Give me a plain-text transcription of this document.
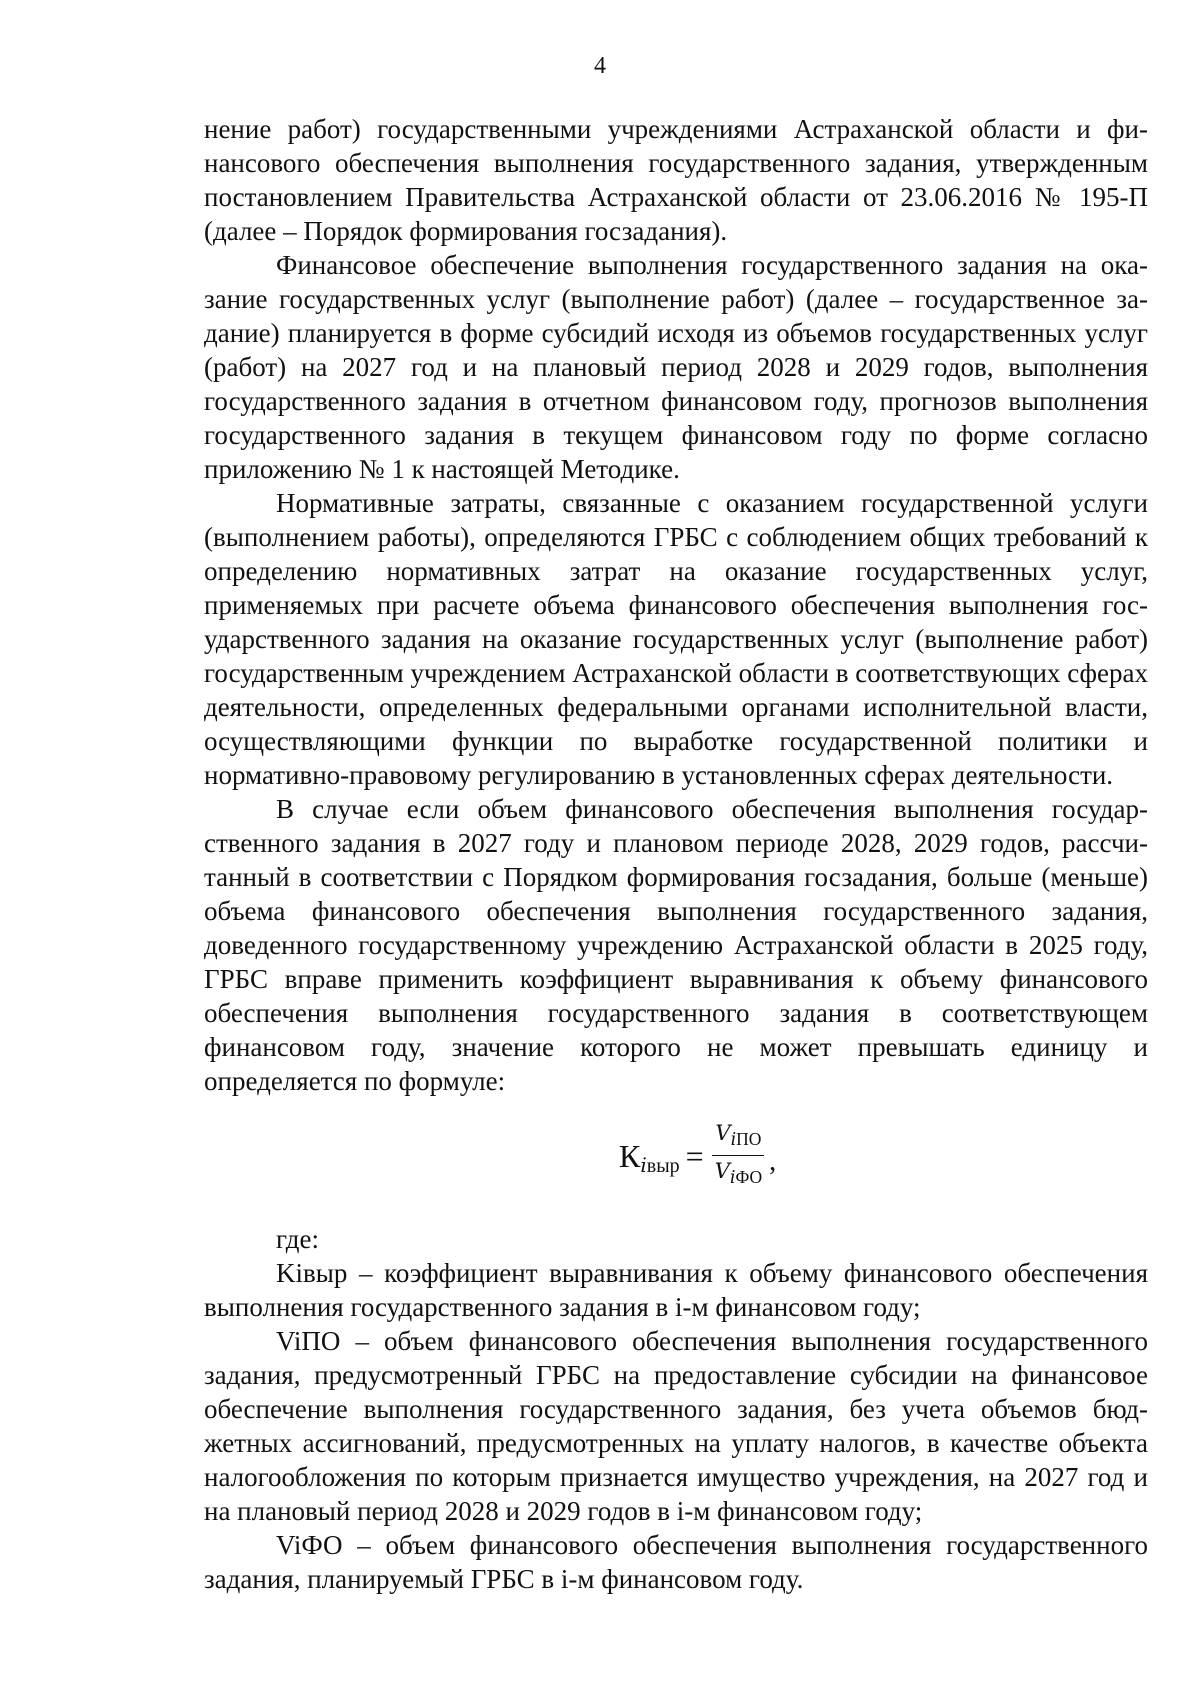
4

нение работ) государственными учреждениями Астраханской области и финансового обеспечения выполнения государственного задания, утвержденным постановлением Правительства Астраханской области от 23.06.2016 № 195-П (далее – Порядок формирования госзадания).

Финансовое обеспечение выполнения государственного задания на оказание государственных услуг (выполнение работ) (далее – государственное задание) планируется в форме субсидий исходя из объемов государственных услуг (работ) на 2027 год и на плановый период 2028 и 2029 годов, выполнения государственного задания в отчетном финансовом году, прогнозов выполнения государственного задания в текущем финансовом году по форме согласно приложению № 1 к настоящей Методике.

Нормативные затраты, связанные с оказанием государственной услуги (выполнением работы), определяются ГРБС с соблюдением общих требований к определению нормативных затрат на оказание государственных услуг, применяемых при расчете объема финансового обеспечения выполнения государственного задания на оказание государственных услуг (выполнение работ) государственным учреждением Астраханской области в соответствующих сферах деятельности, определенных федеральными органами исполнительной власти, осуществляющими функции по выработке государственной политики и нормативно-правовому регулированию в установленных сферах деятельности.

В случае если объем финансового обеспечения выполнения государственного задания в 2027 году и плановом периоде 2028, 2029 годов, рассчитанный в соответствии с Порядком формирования госзадания, больше (меньше) объема финансового обеспечения выполнения государственного задания, доведенного государственному учреждению Астраханской области в 2025 году, ГРБС вправе применить коэффициент выравнивания к объему финансового обеспечения выполнения государственного задания в соответствующем финансовом году, значение которого не может превышать единицу и определяется по формуле:

К iвыр = $\frac{V_{iПО}}{V_{iФО}}$ ,

где:

Kiвыр – коэффициент выравнивания к объему финансового обеспечения выполнения государственного задания в i-м финансовом году;

ViПО – объем финансового обеспечения выполнения государственного задания, предусмотренный ГРБС на предоставление субсидии на финансовое обеспечение выполнения государственного задания, без учета объемов бюджетных ассигнований, предусмотренных на уплату налогов, в качестве объекта налогообложения по которым признается имущество учреждения, на 2027 год и на плановый период 2028 и 2029 годов в i-м финансовом году;

ViФО – объем финансового обеспечения выполнения государственного задания, планируемый ГРБС в i-м финансовом году.
